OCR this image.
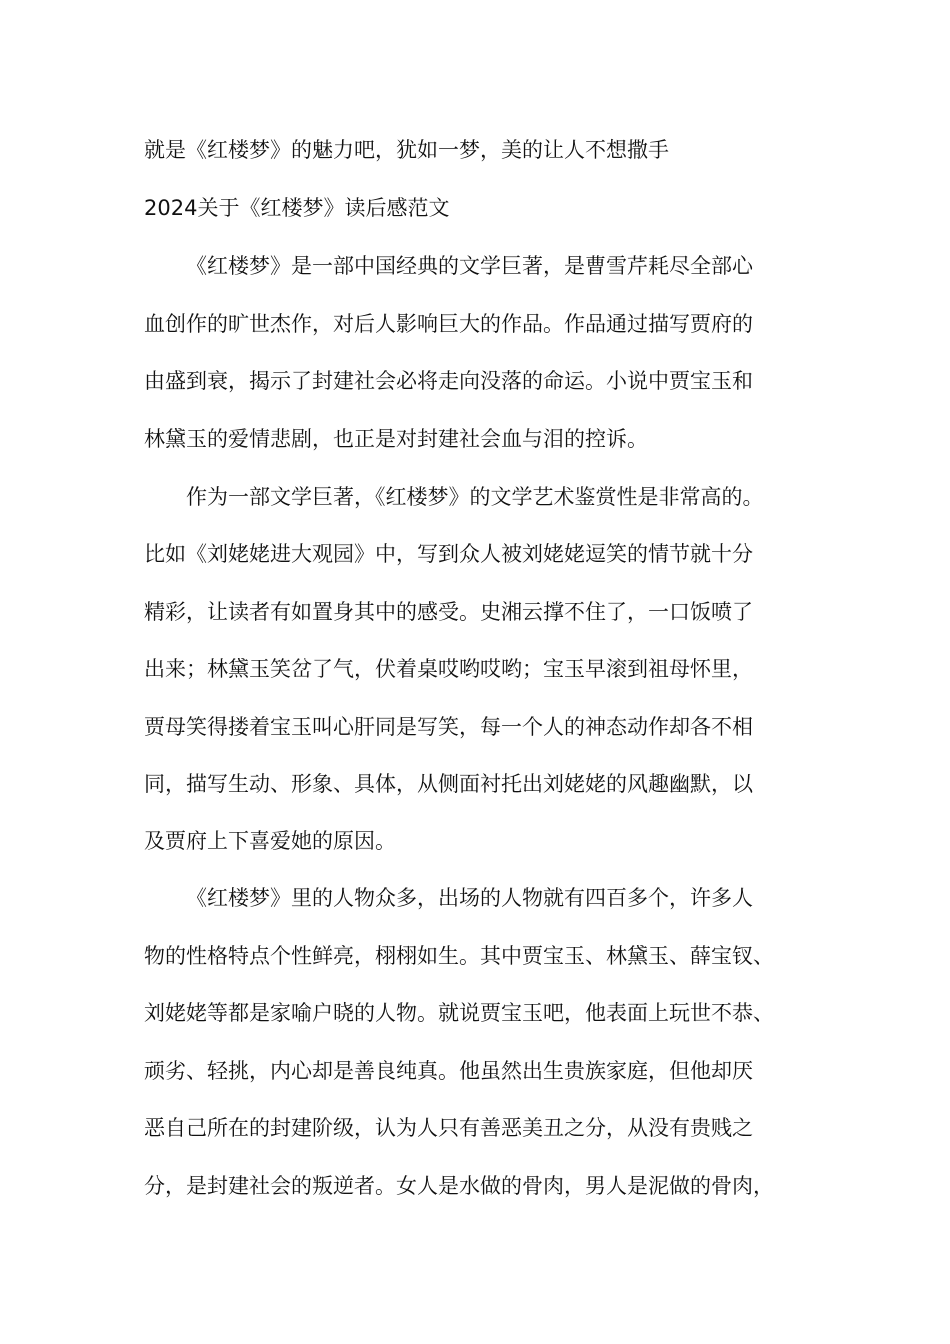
就是《红楼梦》的魅力吧，犹如一梦，美的让人不想撒手
2024关于《红楼梦》读后感范文
《红楼梦》是一部中国经典的文学巨著，是曹雪芹耗尽全部心
血创作的旷世杰作，对后人影响巨大的作品。作品通过描写贾府的
由盛到衰，揭示了封建社会必将走向没落的命运。小说中贾宝玉和
林黛玉的爱情悲剧，也正是对封建社会血与泪的控诉。
作为一部文学巨著，《红楼梦》的文学艺术鉴赏性是非常高的。
比如《刘姥姥进大观园》中，写到众人被刘姥姥逗笑的情节就十分
精彩，让读者有如置身其中的感受。史湘云撑不住了，一口饭喷了
出来；林黛玉笑岔了气，伏着桌哎哟哎哟；宝玉早滚到祖母怀里，
贾母笑得搂着宝玉叫心肝同是写笑，每一个人的神态动作却各不相
同，描写生动、形象、具体，从侧面衬托出刘姥姥的风趣幽默，以
及贾府上下喜爱她的原因。
《红楼梦》里的人物众多，出场的人物就有四百多个，许多人
物的性格特点个性鲜亮，栩栩如生。其中贾宝玉、林黛玉、薛宝钗、
刘姥姥等都是家喻户晓的人物。就说贾宝玉吧，他表面上玩世不恭、
顽劣、轻挑，内心却是善良纯真。他虽然出生贵族家庭，但他却厌
恶自己所在的封建阶级，认为人只有善恶美丑之分，从没有贵贱之
分，是封建社会的叛逆者。女人是水做的骨肉，男人是泥做的骨肉，
